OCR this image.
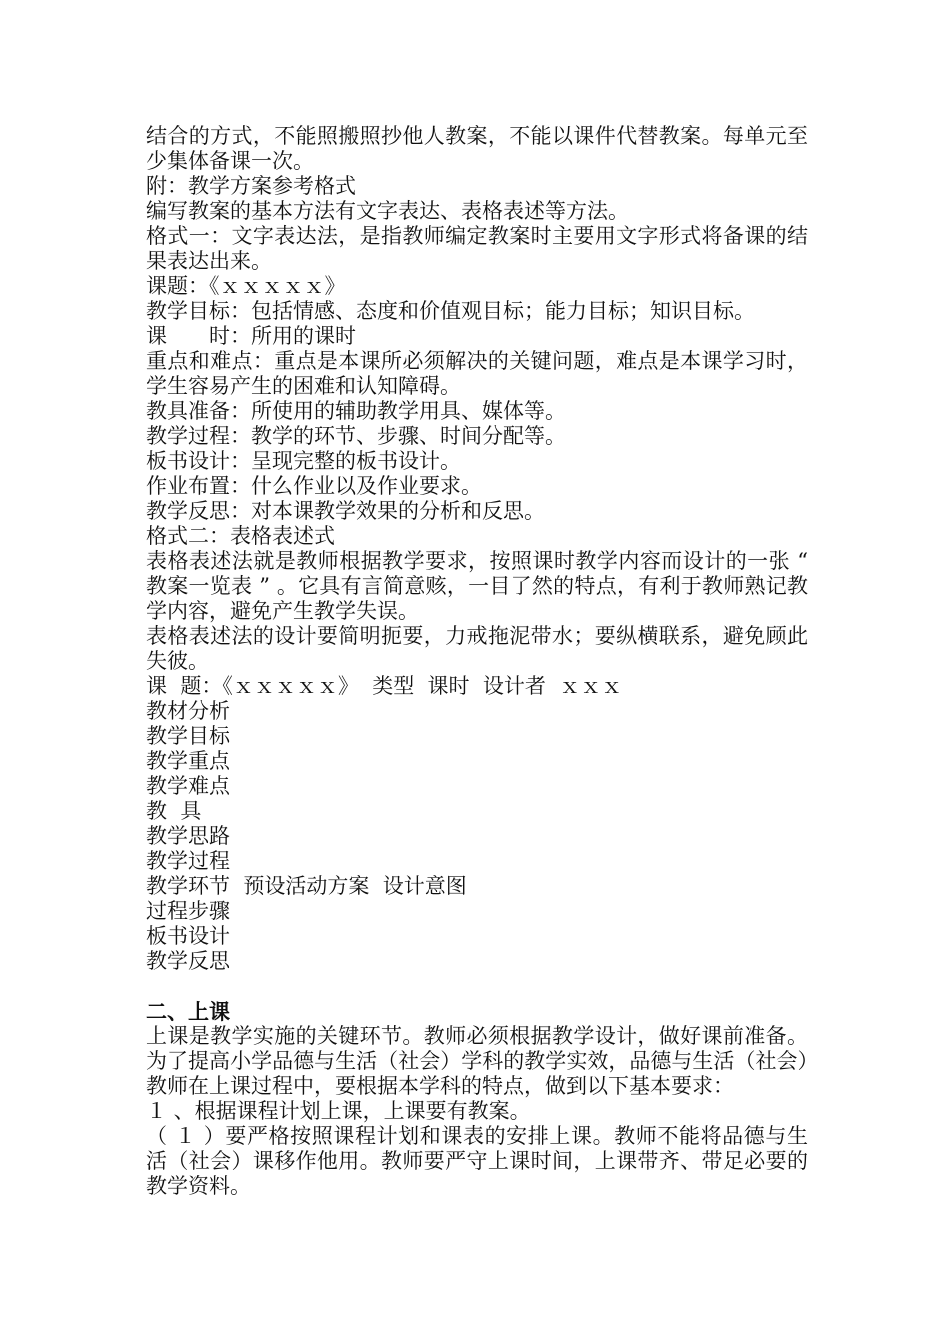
结合的方式，不能照搬照抄他人教案，不能以课件代替教案。每单元至少集体备课一次。

附：教学方案参考格式

编写教案的基本方法有文字表达、表格表述等方法。

格式一：文字表达法，是指教师编定教案时主要用文字形式将备课的结果表达出来。

课题：《ｘｘｘｘｘ》

教学目标：包括情感、态度和价值观目标；能力目标；知识目标。

课　　时：所用的课时

重点和难点：重点是本课所必须解决的关键问题，难点是本课学习时，学生容易产生的困难和认知障碍。

教具准备：所使用的辅助教学用具、媒体等。

教学过程：教学的环节、步骤、时间分配等。

板书设计：呈现完整的板书设计。

作业布置：什么作业以及作业要求。

教学反思：对本课教学效果的分析和反思。

格式二：表格表述式

表格表述法就是教师根据教学要求，按照课时教学内容而设计的一张 “ 教案一览表 ” 。它具有言简意赅，一目了然的特点，有利于教师熟记教学内容，避免产生教学失误。

表格表述法的设计要简明扼要，力戒拖泥带水；要纵横联系，避免顾此失彼。

课  题：《ｘｘｘｘｘ》  类型  课时  设计者  ｘｘｘ

教材分析

教学目标

教学重点

教学难点

教  具

教学思路

教学过程

教学环节  预设活动方案  设计意图

过程步骤

板书设计

教学反思

二、上课

上课是教学实施的关键环节。教师必须根据教学设计，做好课前准备。为了提高小学品德与生活（社会）学科的教学实效，品德与生活（社会）教师在上课过程中，要根据本学科的特点，做到以下基本要求：

１ 、根据课程计划上课，上课要有教案。

（ １ ）要严格按照课程计划和课表的安排上课。教师不能将品德与生活（社会）课移作他用。教师要严守上课时间，上课带齐、带足必要的教学资料。
